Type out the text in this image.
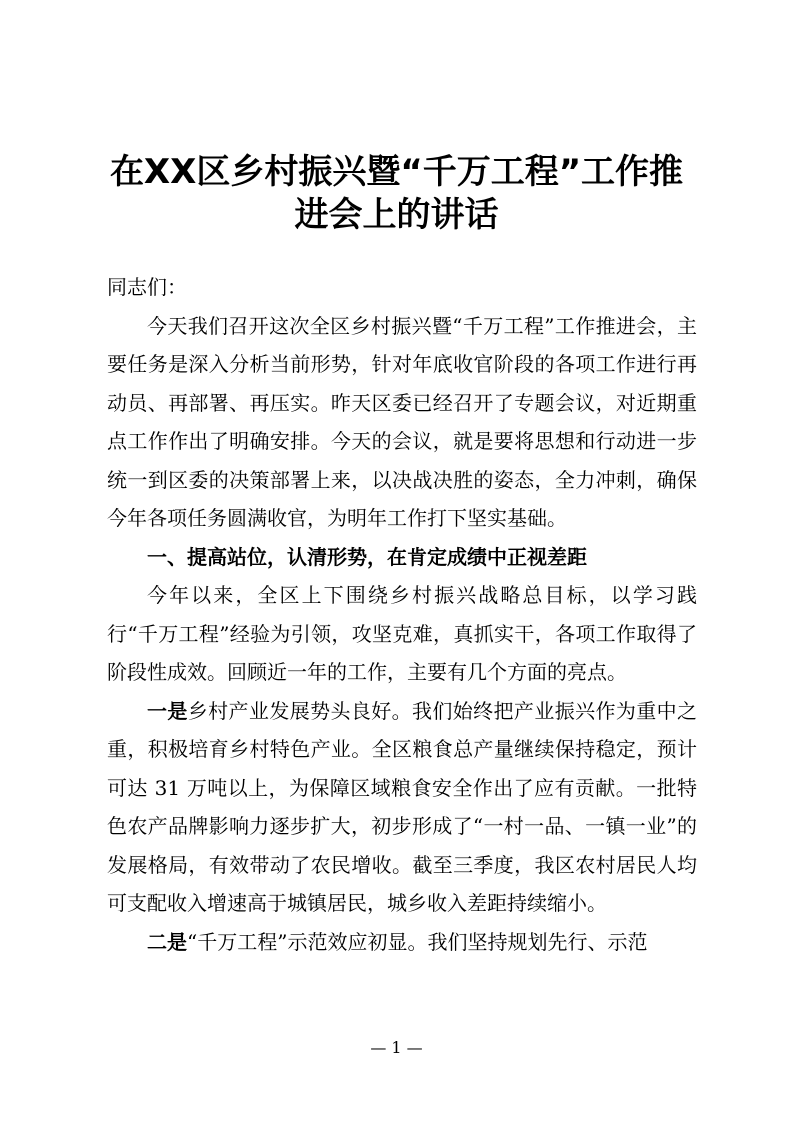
在XX区乡村振兴暨“千万工程”工作推
进会上的讲话

同志们：

今天我们召开这次全区乡村振兴暨“千万工程”工作推进会，主要任务是深入分析当前形势，针对年底收官阶段的各项工作进行再动员、再部署、再压实。昨天区委已经召开了专题会议，对近期重点工作作出了明确安排。今天的会议，就是要将思想和行动进一步统一到区委的决策部署上来，以决战决胜的姿态，全力冲刺，确保今年各项任务圆满收官，为明年工作打下坚实基础。

一、提高站位，认清形势，在肯定成绩中正视差距

今年以来，全区上下围绕乡村振兴战略总目标，以学习践行“千万工程”经验为引领，攻坚克难，真抓实干，各项工作取得了阶段性成效。回顾近一年的工作，主要有几个方面的亮点。

一是乡村产业发展势头良好。我们始终把产业振兴作为重中之重，积极培育乡村特色产业。全区粮食总产量继续保持稳定，预计可达 31 万吨以上，为保障区域粮食安全作出了应有贡献。一批特色农产品牌影响力逐步扩大，初步形成了“一村一品、一镇一业”的发展格局，有效带动了农民增收。截至三季度，我区农村居民人均可支配收入增速高于城镇居民，城乡收入差距持续缩小。

二是“千万工程”示范效应初显。我们坚持规划先行、示范

— 1 —
